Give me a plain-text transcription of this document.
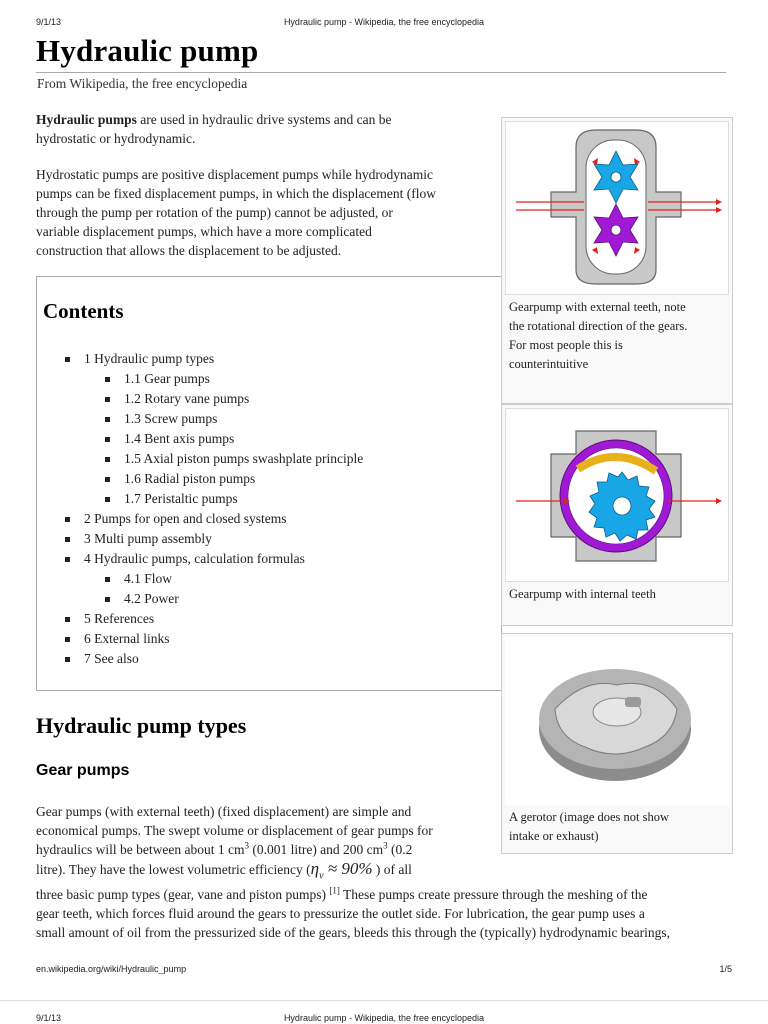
9/1/13	Hydraulic pump - Wikipedia, the free encyclopedia
Hydraulic pump
From Wikipedia, the free encyclopedia
Hydraulic pumps are used in hydraulic drive systems and can be
hydrostatic or hydrodynamic.
Hydrostatic pumps are positive displacement pumps while hydrodynamic
pumps can be fixed displacement pumps, in which the displacement (flow
through the pump per rotation of the pump) cannot be adjusted, or
variable displacement pumps, which have a more complicated
construction that allows the displacement to be adjusted.
Contents
1 Hydraulic pump types
1.1 Gear pumps
1.2 Rotary vane pumps
1.3 Screw pumps
1.4 Bent axis pumps
1.5 Axial piston pumps swashplate principle
1.6 Radial piston pumps
1.7 Peristaltic pumps
2 Pumps for open and closed systems
3 Multi pump assembly
4 Hydraulic pumps, calculation formulas
4.1 Flow
4.2 Power
5 References
6 External links
7 See also
Gearpump with external teeth, note
the rotational direction of the gears.
For most people this is
counterintuitive
Gearpump with internal teeth
A gerotor (image does not show
intake or exhaust)
Hydraulic pump types
Gear pumps
Gear pumps (with external teeth) (fixed displacement) are simple and
economical pumps. The swept volume or displacement of gear pumps for
hydraulics will be between about 1 $cm^3$ (0.001 litre) and 200 $cm^3$ (0.2
litre). They have the lowest volumetric efficiency ($\eta_v \approx 90\%$ ) of all
three basic pump types (gear, vane and piston pumps) [1] These pumps create pressure through the meshing of the
gear teeth, which forces fluid around the gears to pressurize the outlet side. For lubrication, the gear pump uses a
small amount of oil from the pressurized side of the gears, bleeds this through the (typically) hydrodynamic bearings,
en.wikipedia.org/wiki/Hydraulic_pump	1/5
9/1/13	Hydraulic pump - Wikipedia, the free encyclopedia
